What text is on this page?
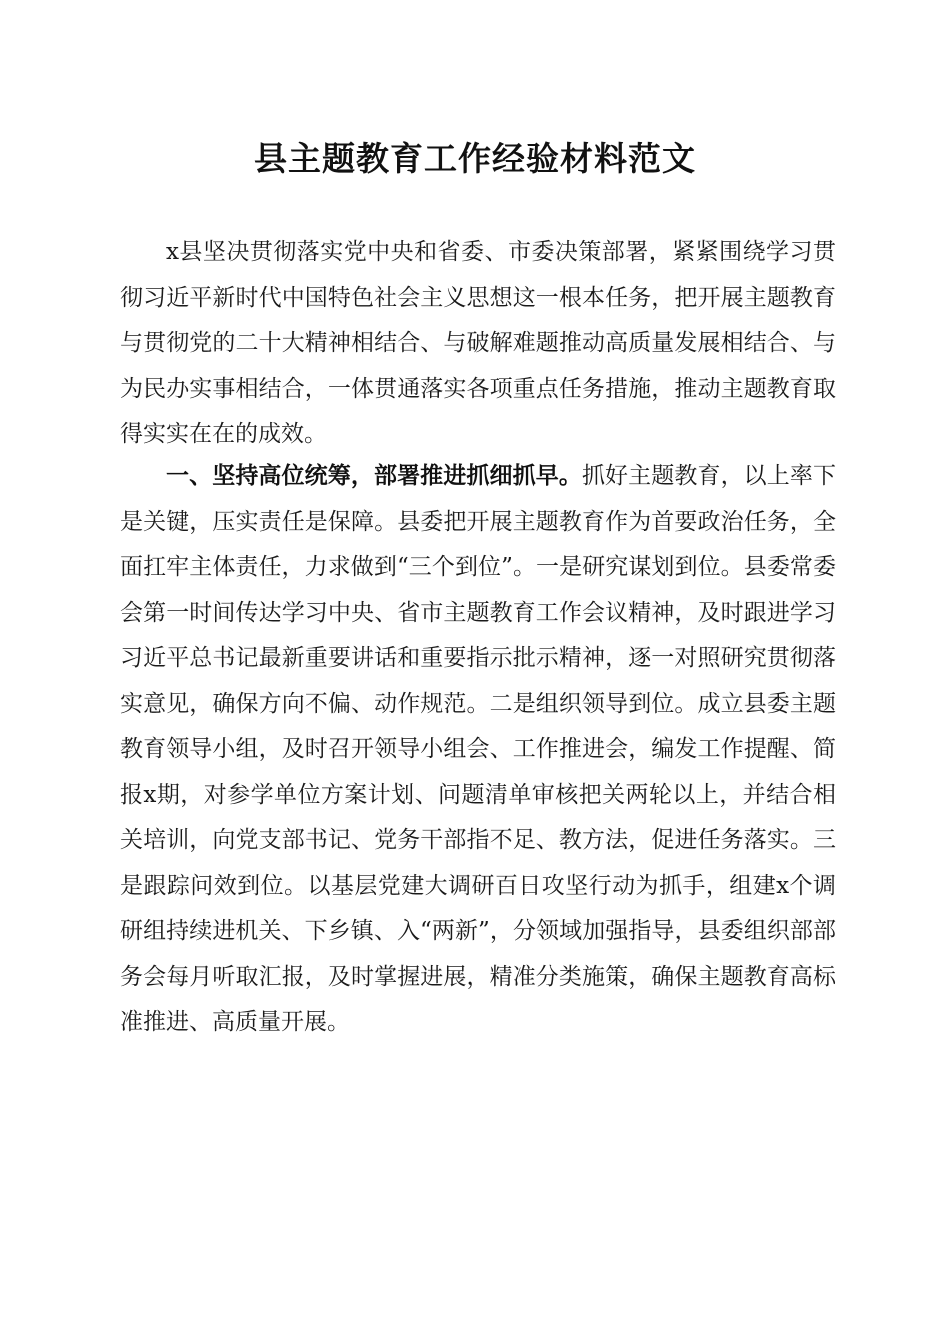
县主题教育工作经验材料范文

x县坚决贯彻落实党中央和省委、市委决策部署，紧紧围绕学习贯彻习近平新时代中国特色社会主义思想这一根本任务，把开展主题教育与贯彻党的二十大精神相结合、与破解难题推动高质量发展相结合、与为民办实事相结合，一体贯通落实各项重点任务措施，推动主题教育取得实实在在的成效。

一、坚持高位统筹，部署推进抓细抓早。抓好主题教育，以上率下是关键，压实责任是保障。县委把开展主题教育作为首要政治任务，全面扛牢主体责任，力求做到“三个到位”。一是研究谋划到位。县委常委会第一时间传达学习中央、省市主题教育工作会议精神，及时跟进学习习近平总书记最新重要讲话和重要指示批示精神，逐一对照研究贯彻落实意见，确保方向不偏、动作规范。二是组织领导到位。成立县委主题教育领导小组，及时召开领导小组会、工作推进会，编发工作提醒、简报x期，对参学单位方案计划、问题清单审核把关两轮以上，并结合相关培训，向党支部书记、党务干部指不足、教方法，促进任务落实。三是跟踪问效到位。以基层党建大调研百日攻坚行动为抓手，组建x个调研组持续进机关、下乡镇、入“两新”，分领域加强指导，县委组织部部务会每月听取汇报，及时掌握进展，精准分类施策，确保主题教育高标准推进、高质量开展。
